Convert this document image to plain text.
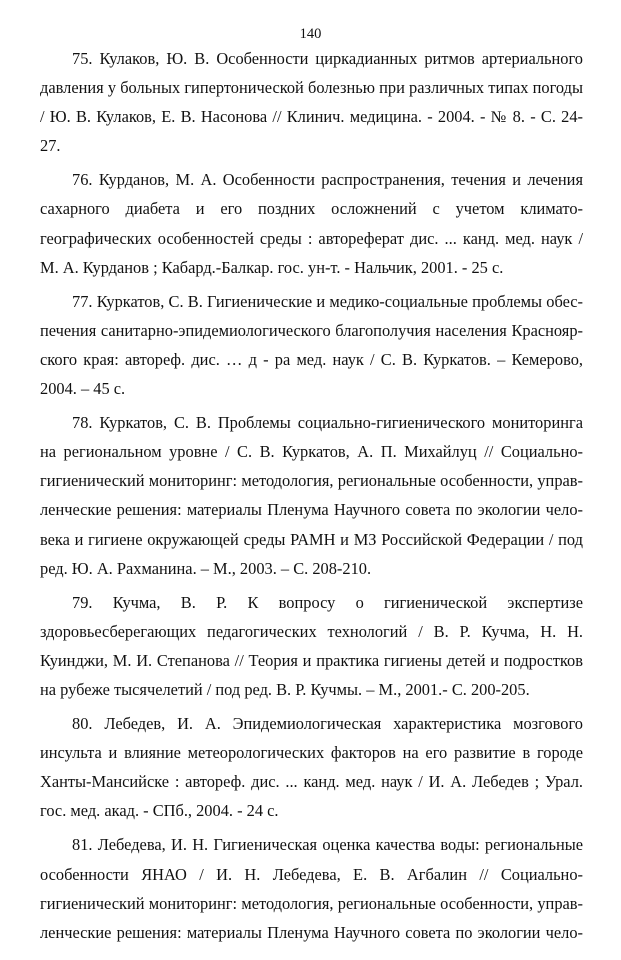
140

75. Кулаков, Ю. В. Особенности циркадианных ритмов артериального давления у больных гипертонической болезнью при различных типах погоды / Ю. В. Кулаков, Е. В. Насонова // Клинич. медицина. - 2004. - № 8. - С. 24-27.

76. Курданов, М. А. Особенности распространения, течения и лечения сахарного диабета и его поздних осложнений с учетом климато-географических особенностей среды : автореферат дис. ... канд. мед. наук / М. А. Курданов ; Кабард.-Балкар. гос. ун-т. - Нальчик, 2001. - 25 с.

77. Куркатов, С. В. Гигиенические и медико-социальные проблемы обеспечения санитарно-эпидемиологического благополучия населения Красноярского края: автореф. дис. … д - ра мед. наук / С. В. Куркатов. – Кемерово, 2004. – 45 с.

78. Куркатов, С. В. Проблемы социально-гигиенического мониторинга на региональном уровне / С. В. Куркатов, А. П. Михайлуц // Социально-гигиенический мониторинг: методология, региональные особенности, управленческие решения: материалы Пленума Научного совета по экологии человека и гигиене окружающей среды РАМН и МЗ Российской Федерации / под ред. Ю. А. Рахманина. – М., 2003. – С. 208-210.

79. Кучма, В. Р. К вопросу о гигиенической экспертизе здоровьесберегающих педагогических технологий / В. Р. Кучма, Н. Н. Куинджи, М. И. Степанова // Теория и практика гигиены детей и подростков на рубеже тысячелетий / под ред. В. Р. Кучмы. – М., 2001.- С. 200-205.

80. Лебедев, И. А. Эпидемиологическая характеристика мозгового инсульта и влияние метеорологических факторов на его развитие в городе Ханты-Мансийске : автореф. дис. ... канд. мед. наук / И. А. Лебедев ; Урал. гос. мед. акад. - СПб., 2004. - 24 с.

81. Лебедева, И. Н. Гигиеническая оценка качества воды: региональные особенности ЯНАО / И. Н. Лебедева, Е. В. Агбалин // Социально-гигиенический мониторинг: методология, региональные особенности, управленческие решения: материалы Пленума Научного совета по экологии чело-
